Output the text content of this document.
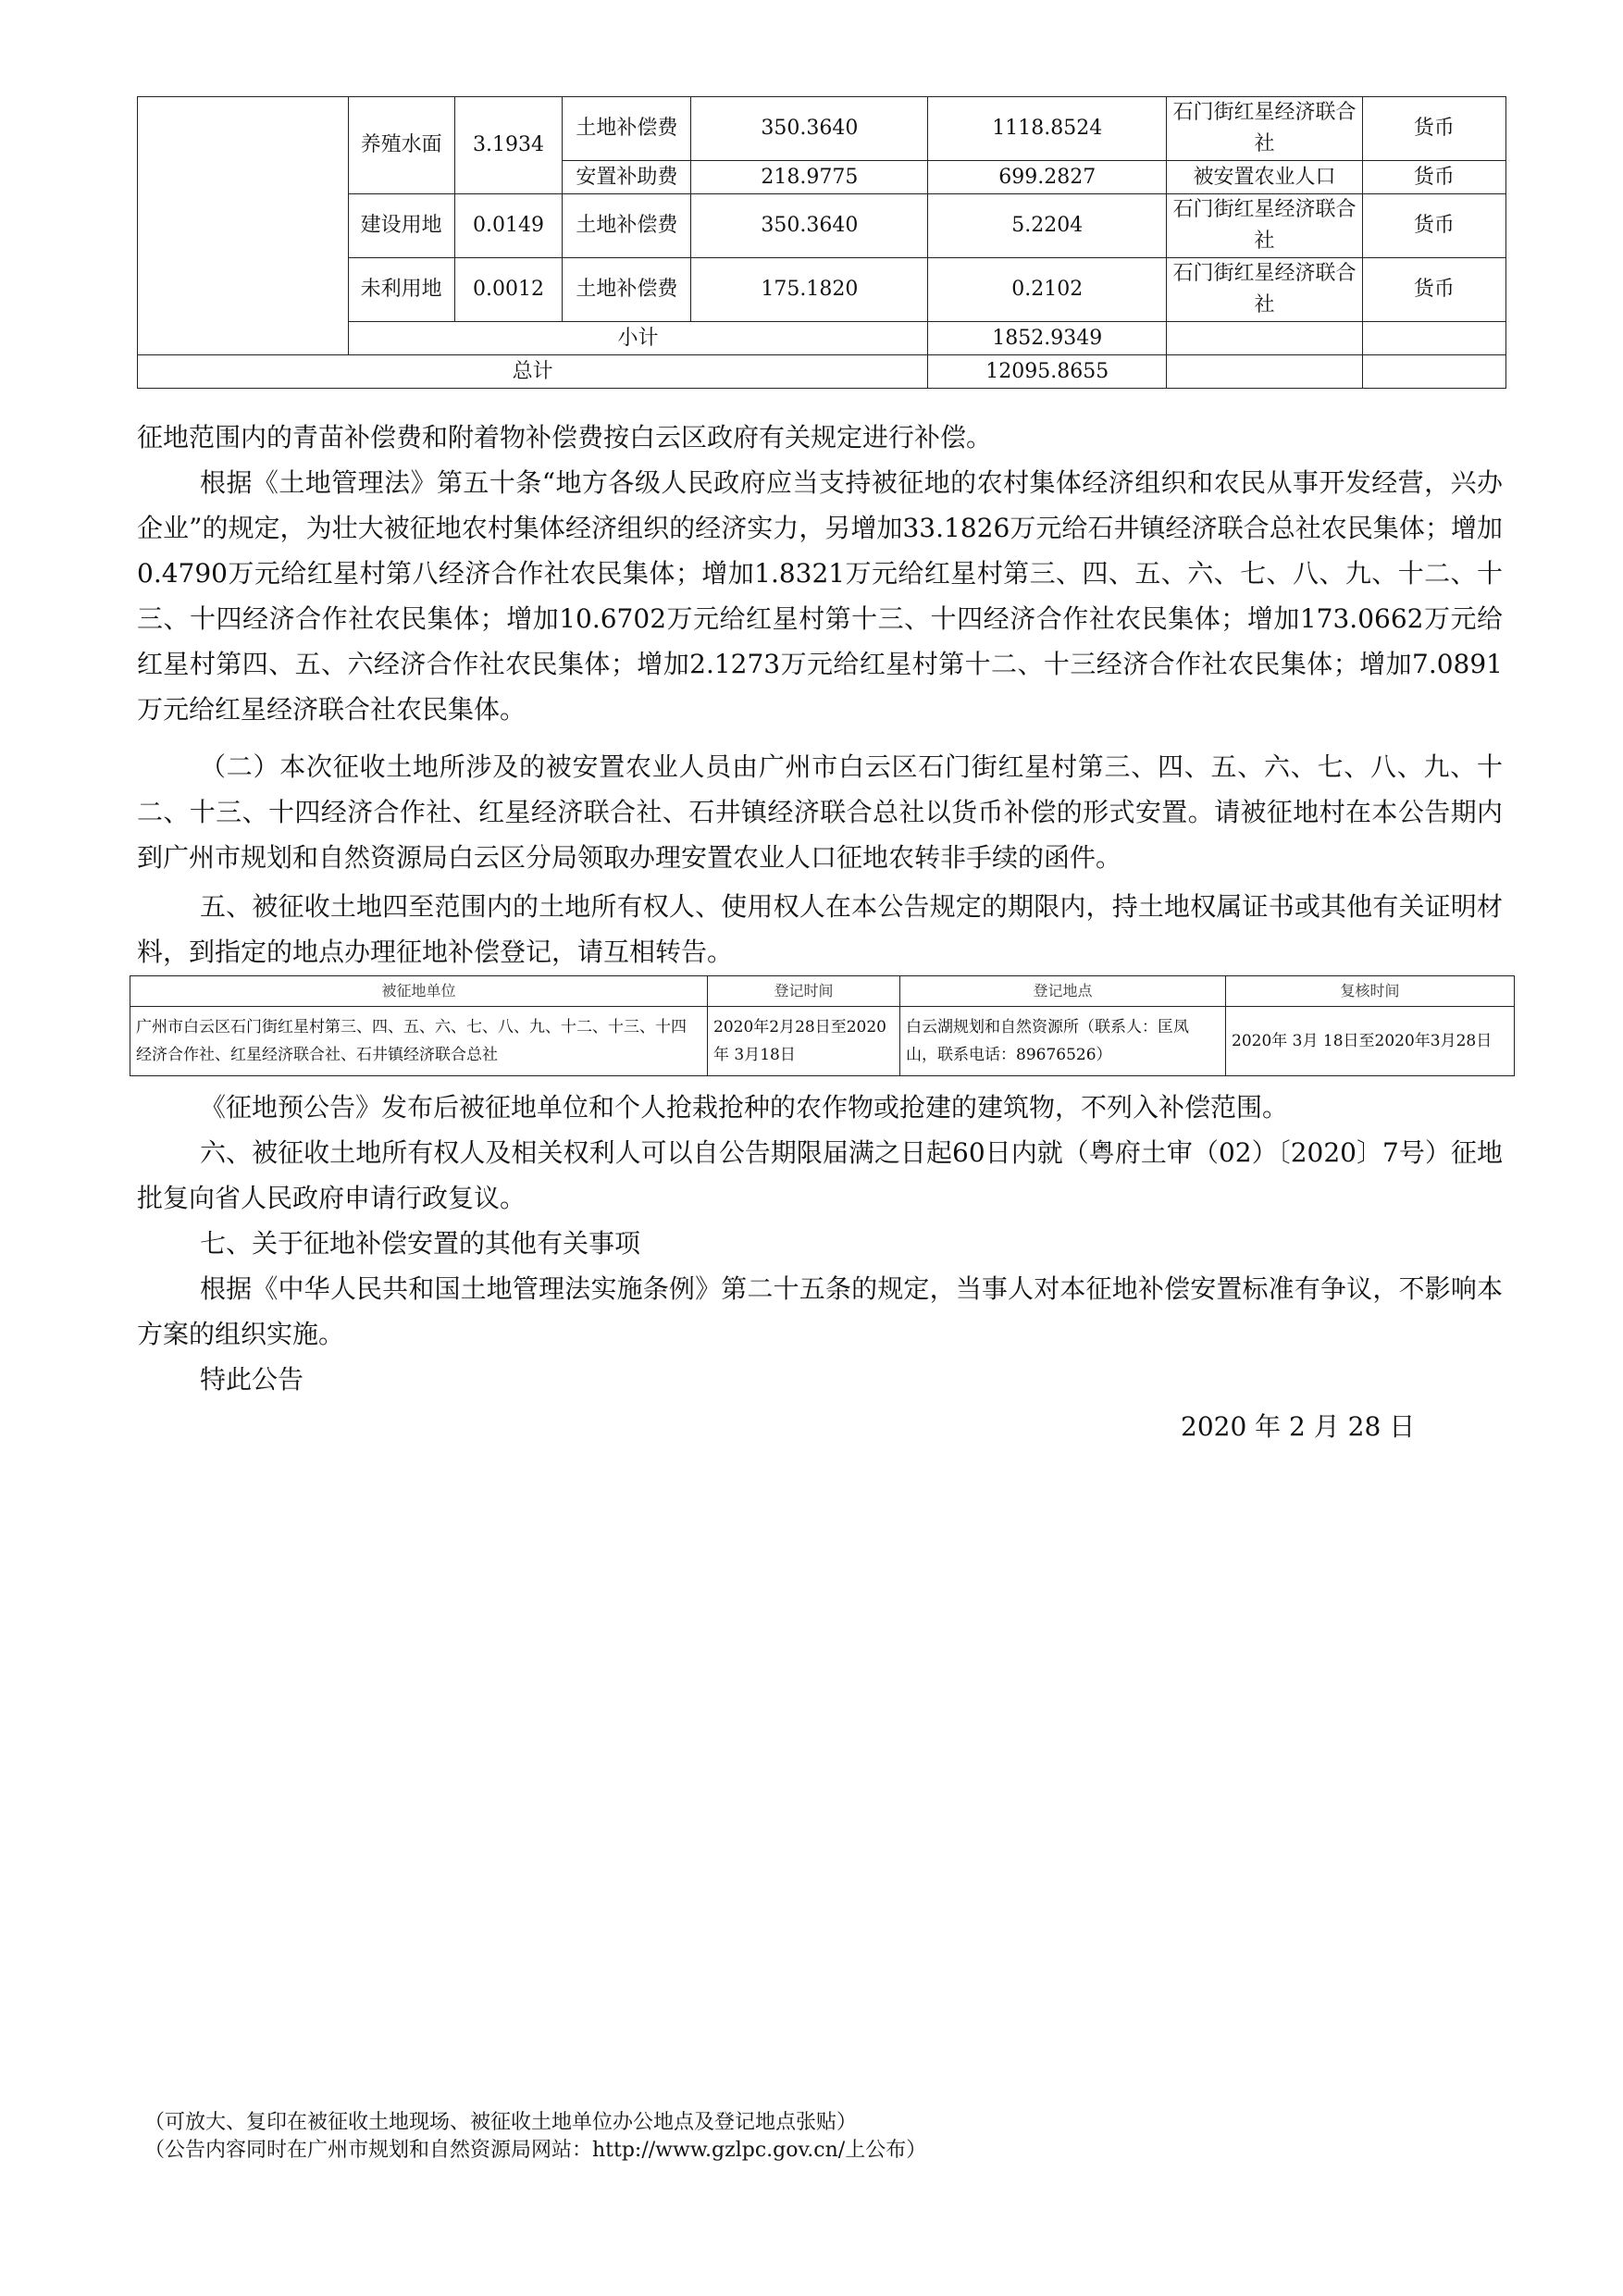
	养殖水面	3.1934	土地补偿费	350.3640	1118.8524	石门街红星经济联合社	货币
			安置补助费	218.9775	699.2827	被安置农业人口	货币
	建设用地	0.0149	土地补偿费	350.3640	5.2204	石门街红星经济联合社	货币
	未利用地	0.0012	土地补偿费	175.1820	0.2102	石门街红星经济联合社	货币
	小计				1852.9349		
总计					12095.8655		

征地范围内的青苗补偿费和附着物补偿费按白云区政府有关规定进行补偿。

根据《土地管理法》第五十条“地方各级人民政府应当支持被征地的农村集体经济组织和农民从事开发经营，兴办企业”的规定，为壮大被征地农村集体经济组织的经济实力，另增加33.1826万元给石井镇经济联合总社农民集体；增加0.4790万元给红星村第八经济合作社农民集体；增加1.8321万元给红星村第三、四、五、六、七、八、九、十二、十三、十四经济合作社农民集体；增加10.6702万元给红星村第十三、十四经济合作社农民集体；增加173.0662万元给红星村第四、五、六经济合作社农民集体；增加2.1273万元给红星村第十二、十三经济合作社农民集体；增加7.0891万元给红星经济联合社农民集体。

（二）本次征收土地所涉及的被安置农业人员由广州市白云区石门街红星村第三、四、五、六、七、八、九、十二、十三、十四经济合作社、红星经济联合社、石井镇经济联合总社以货币补偿的形式安置。请被征地村在本公告期内到广州市规划和自然资源局白云区分局领取办理安置农业人口征地农转非手续的函件。

五、被征收土地四至范围内的土地所有权人、使用权人在本公告规定的期限内，持土地权属证书或其他有关证明材料，到指定的地点办理征地补偿登记，请互相转告。

被征地单位	登记时间	登记地点	复核时间
广州市白云区石门街红星村第三、四、五、六、七、八、九、十二、十三、十四经济合作社、红星经济联合社、石井镇经济联合总社	2020年2月28日至2020年 3月18日	白云湖规划和自然资源所（联系人：匡凤山，联系电话：89676526）	2020年 3月 18日至2020年3月28日

《征地预公告》发布后被征地单位和个人抢栽抢种的农作物或抢建的建筑物，不列入补偿范围。

六、被征收土地所有权人及相关权利人可以自公告期限届满之日起60日内就（粤府土审（02）〔2020〕7号）征地批复向省人民政府申请行政复议。

七、关于征地补偿安置的其他有关事项

根据《中华人民共和国土地管理法实施条例》第二十五条的规定，当事人对本征地补偿安置标准有争议，不影响本方案的组织实施。

特此公告

2020 年 2 月 28 日

（可放大、复印在被征收土地现场、被征收土地单位办公地点及登记地点张贴）

（公告内容同时在广州市规划和自然资源局网站：http://www.gzlpc.gov.cn/上公布）
